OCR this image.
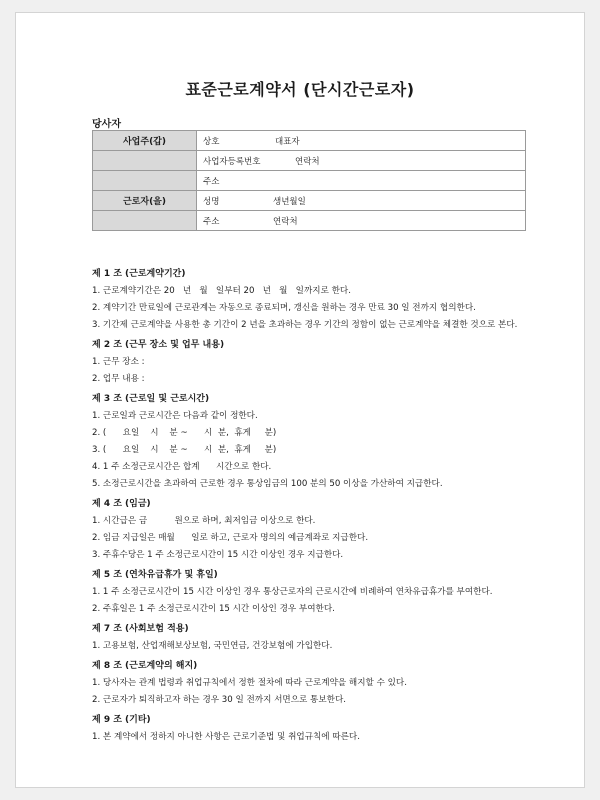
표준근로계약서 (단시간근로자)
당사자
사업주(갑)	상호 대표자
	사업자등록번호 연락처
	주소
근로자(을)	성명 생년월일
	주소 연락처
제 1 조 (근로계약기간)
1. 근로계약기간은 20   년   월   일부터 20   년   월   일까지로 한다.
2. 계약기간 만료일에 근로관계는 자동으로 종료되며, 갱신을 원하는 경우 만료 30 일 전까지 협의한다.
3. 기간제 근로계약을 사용한 총 기간이 2 년을 초과하는 경우 기간의 정함이 없는 근로계약을 체결한 것으로 본다.
제 2 조 (근무 장소 및 업무 내용)
1. 근무 장소 :
2. 업무 내용 :
제 3 조 (근로일 및 근로시간)
1. 근로일과 근로시간은 다음과 같이 정한다.
2. (      요일    시    분 ~      시  분,  휴게     분)
3. (      요일    시    분 ~      시  분,  휴게     분)
4. 1 주 소정근로시간은 합계      시간으로 한다.
5. 소정근로시간을 초과하여 근로한 경우 통상임금의 100 분의 50 이상을 가산하여 지급한다.
제 4 조 (임금)
1. 시간급은 금          원으로 하며, 최저임금 이상으로 한다.
2. 임금 지급일은 매월      일로 하고, 근로자 명의의 예금계좌로 지급한다.
3. 주휴수당은 1 주 소정근로시간이 15 시간 이상인 경우 지급한다.
제 5 조 (연차유급휴가 및 휴일)
1. 1 주 소정근로시간이 15 시간 이상인 경우 통상근로자의 근로시간에 비례하여 연차유급휴가를 부여한다.
2. 주휴일은 1 주 소정근로시간이 15 시간 이상인 경우 부여한다.
제 7 조 (사회보험 적용)
1. 고용보험, 산업재해보상보험, 국민연금, 건강보험에 가입한다.
제 8 조 (근로계약의 해지)
1. 당사자는 관계 법령과 취업규칙에서 정한 절차에 따라 근로계약을 해지할 수 있다.
2. 근로자가 퇴직하고자 하는 경우 30 일 전까지 서면으로 통보한다.
제 9 조 (기타)
1. 본 계약에서 정하지 아니한 사항은 근로기준법 및 취업규칙에 따른다.
